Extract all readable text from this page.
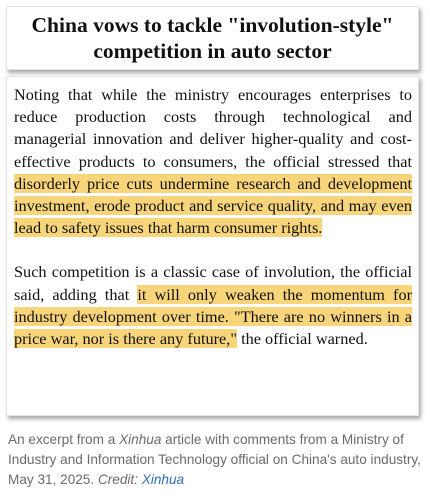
China vows to tackle "involution-style"
competition in auto sector

Noting that while the ministry encourages enterprises to reduce production costs through technological and managerial innovation and deliver higher-quality and cost-effective products to consumers, the official stressed that disorderly price cuts undermine research and development investment, erode product and service quality, and may even lead to safety issues that harm consumer rights.

Such competition is a classic case of involution, the official said, adding that it will only weaken the momentum for industry development over time. "There are no winners in a price war, nor is there any future," the official warned.

An excerpt from a Xinhua article with comments from a Ministry of Industry and Information Technology official on China's auto industry, May 31, 2025. Credit: Xinhua
